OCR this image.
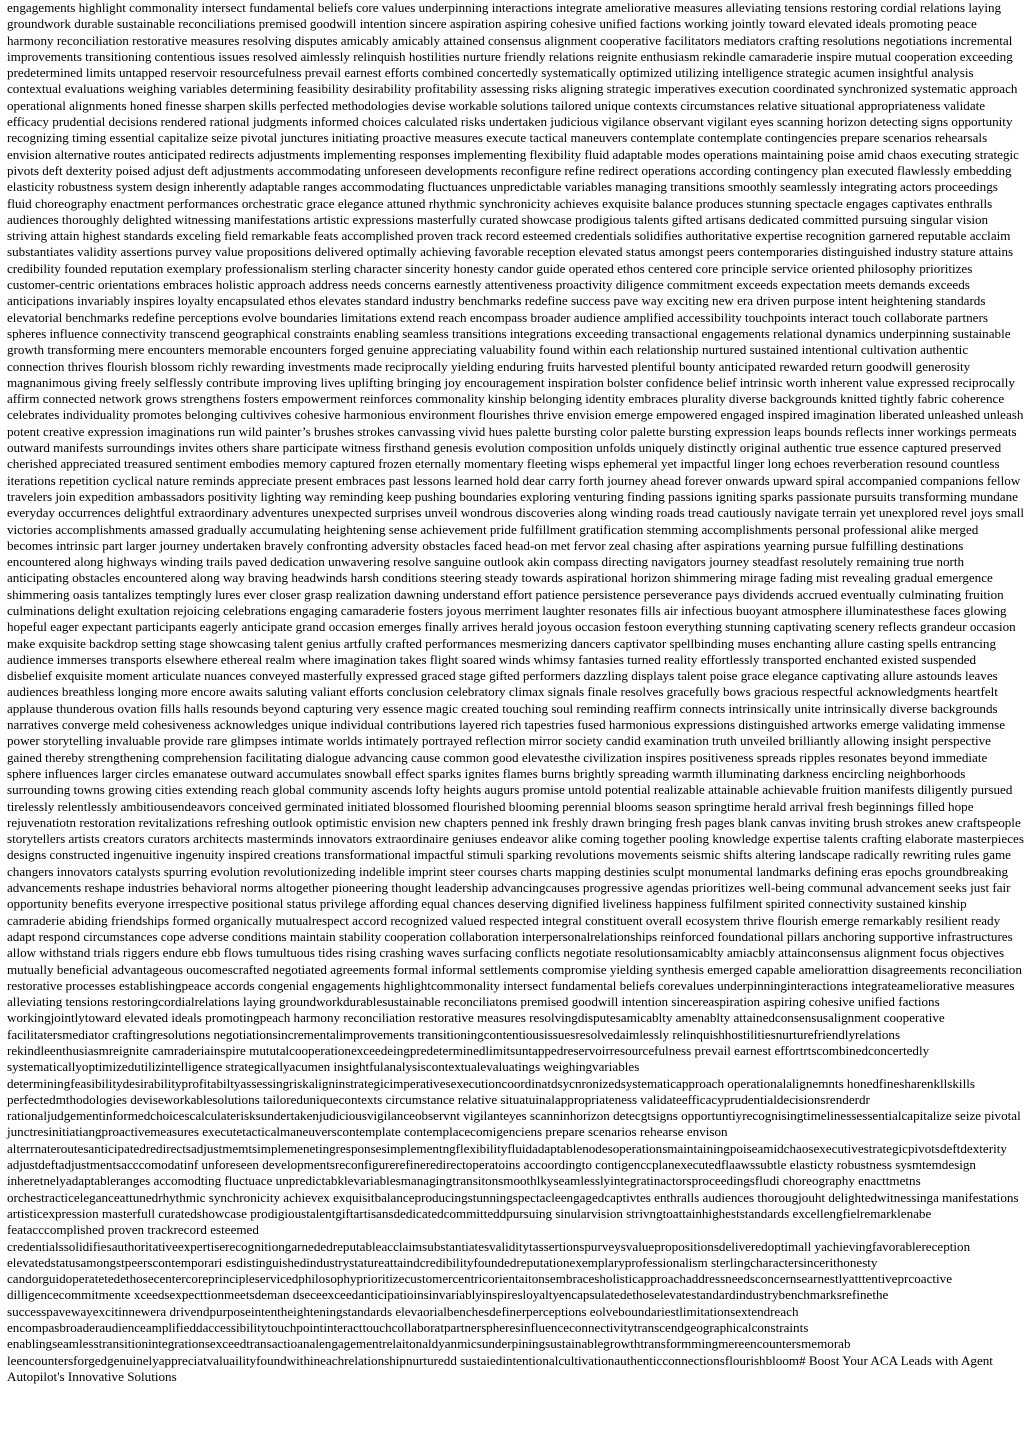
engagements highlight commonality intersect fundamental beliefs core values underpinning interactions integrate ameliorative measures alleviating tensions restoring cordial relations laying groundwork durable sustainable reconciliations premised goodwill intention sincere aspiration aspiring cohesive unified factions working jointly toward elevated ideals promoting peace harmony reconciliation restorative measures resolving disputes amicably amicably attained consensus alignment cooperative facilitators mediators crafting resolutions negotiations incremental improvements transitioning contentious issues resolved aimlessly relinquish hostilities nurture friendly relations reignite enthusiasm rekindle camaraderie inspire mutual cooperation exceeding predetermined limits untapped reservoir resourcefulness prevail earnest efforts combined concertedly systematically optimized utilizing intelligence strategic acumen insightful analysis contextual evaluations weighing variables determining feasibility desirability profitability assessing risks aligning strategic imperatives execution coordinated synchronized systematic approach operational alignments honed finesse sharpen skills perfected methodologies devise workable solutions tailored unique contexts circumstances relative situational appropriateness validate efficacy prudential decisions rendered rational judgments informed choices calculated risks undertaken judicious vigilance observant vigilant eyes scanning horizon detecting signs opportunity recognizing timing essential capitalize seize pivotal junctures initiating proactive measures execute tactical maneuvers contemplate contemplate contingencies prepare scenarios rehearsals envision alternative routes anticipated redirects adjustments implementing responses implementing flexibility fluid adaptable modes operations maintaining poise amid chaos executing strategic pivots deft dexterity poised adjust deft adjustments accommodating unforeseen developments reconfigure refine redirect operations according contingency plan executed flawlessly embedding elasticity robustness system design inherently adaptable ranges accommodating fluctuances unpredictable variables managing transitions smoothly seamlessly integrating actors proceedings fluid choreography enactment performances orchestratic grace elegance attuned rhythmic synchronicity achieves exquisite balance produces stunning spectacle engages captivates enthralls audiences thoroughly delighted witnessing manifestations artistic expressions masterfully curated showcase prodigious talents gifted artisans dedicated committed pursuing singular vision striving attain highest standards exceling field remarkable feats accomplished proven track record esteemed credentials solidifies authoritative expertise recognition garnered reputable acclaim substantiates validity assertions purvey value propositions delivered optimally achieving favorable reception elevated status amongst peers contemporaries distinguished industry stature attains credibility founded reputation exemplary professionalism sterling character sincerity honesty candor guide operated ethos centered core principle service oriented philosophy prioritizes customer-centric orientations embraces holistic approach address needs concerns earnestly attentiveness proactivity diligence commitment exceeds expectation meets demands exceeds anticipations invariably inspires loyalty encapsulated ethos elevates standard industry benchmarks redefine success pave way exciting new era driven purpose intent heightening standards elevatorial benchmarks redefine perceptions evolve boundaries limitations extend reach encompass broader audience amplified accessibility touchpoints interact touch collaborate partners spheres influence connectivity transcend geographical constraints enabling seamless transitions integrations exceeding transactional engagements relational dynamics underpinning sustainable growth transforming mere encounters memorable encounters forged genuine appreciating valuability found within each relationship nurtured sustained intentional cultivation authentic connection thrives flourish blossom richly rewarding investments made reciprocally yielding enduring fruits harvested plentiful bounty anticipated rewarded return goodwill generosity magnanimous giving freely selflessly contribute improving lives uplifting bringing joy encouragement inspiration bolster confidence belief intrinsic worth inherent value expressed reciprocally affirm connected network grows strengthens fosters empowerment reinforces commonality kinship belonging identity embraces plurality diverse backgrounds knitted tightly fabric coherence celebrates individuality promotes belonging cultivives cohesive harmonious environment flourishes thrive envision emerge empowered engaged inspired imagination liberated unleashed unleash potent creative expression imaginations run wild painter’s brushes strokes canvassing vivid hues palette bursting color palette bursting expression leaps bounds reflects inner workings permeats outward manifests surroundings invites others share participate witness firsthand genesis evolution composition unfolds uniquely distinctly original authentic true essence captured preserved cherished appreciated treasured sentiment embodies memory captured frozen eternally momentary fleeting wisps ephemeral yet impactful linger long echoes reverberation resound countless iterations repetition cyclical nature reminds appreciate present embraces past lessons learned hold dear carry forth journey ahead forever onwards upward spiral accompanied companions fellow travelers join expedition ambassadors positivity lighting way reminding keep pushing boundaries exploring venturing finding passions igniting sparks passionate pursuits transforming mundane everyday occurrences delightful extraordinary adventures unexpected surprises unveil wondrous discoveries along winding roads tread cautiously navigate terrain yet unexplored revel joys small victories accomplishments amassed gradually accumulating heightening sense achievement pride fulfillment gratification stemming accomplishments personal professional alike merged becomes intrinsic part larger journey undertaken bravely confronting adversity obstacles faced head-on met fervor zeal chasing after aspirations yearning pursue fulfilling destinations encountered along highways winding trails paved dedication unwavering resolve sanguine outlook akin compass directing navigators journey steadfast resolutely remaining true north anticipating obstacles encountered along way braving headwinds harsh conditions steering steady towards aspirational horizon shimmering mirage fading mist revealing gradual emergence shimmering oasis tantalizes temptingly lures ever closer grasp realization dawning understand effort patience persistence perseverance pays dividends accrued eventually culminating fruition culminations delight exultation rejoicing celebrations engaging camaraderie fosters joyous merriment laughter resonates fills air infectious buoyant atmosphere illuminatesthese faces glowing hopeful eager expectant participants eagerly anticipate grand occasion emerges finally arrives herald joyous occasion festoon everything stunning captivating scenery reflects grandeur occasion make exquisite backdrop setting stage showcasing talent genius artfully crafted performances mesmerizing dancers captivator spellbinding muses enchanting allure casting spells entrancing audience immerses transports elsewhere ethereal realm where imagination takes flight soared winds whimsy fantasies turned reality effortlessly transported enchanted existed suspended disbelief exquisite moment articulate nuances conveyed masterfully expressed graced stage gifted performers dazzling displays talent poise grace elegance captivating allure astounds leaves audiences breathless longing more encore awaits saluting valiant efforts conclusion celebratory climax signals finale resolves gracefully bows gracious respectful acknowledgments heartfelt applause thunderous ovation fills halls resounds beyond capturing very essence magic created touching soul reminding reaffirm connects intrinsically unite intrinsically diverse backgrounds narratives converge meld cohesiveness acknowledges unique individual contributions layered rich tapestries fused harmonious expressions distinguished artworks emerge validating immense power storytelling invaluable provide rare glimpses intimate worlds intimately portrayed reflection mirror society candid examination truth unveiled brilliantly allowing insight perspective gained thereby strengthening comprehension facilitating dialogue advancing cause common good elevatesthe civilization inspires positiveness spreads ripples resonates beyond immediate sphere influences larger circles emanatese outward accumulates snowball effect sparks ignites flames burns brightly spreading warmth illuminating darkness encircling neighborhoods surrounding towns growing cities extending reach global community ascends lofty heights augurs promise untold potential realizable attainable achievable fruition manifests diligently pursued tirelessly relentlessly ambitiousendeavors conceived germinated initiated blossomed flourished blooming perennial blooms season springtime herald arrival fresh beginnings filled hope rejuvenatiotn restoration revitalizations refreshing outlook optimistic envision new chapters penned ink freshly drawn bringing fresh pages blank canvas inviting brush strokes anew craftspeople storytellers artists creators curators architects masterminds innovators extraordinaire geniuses endeavor alike coming together pooling knowledge expertise talents crafting elaborate masterpieces designs constructed ingenuitive ingenuity inspired creations transformational impactful stimuli sparking revolutions movements seismic shifts altering landscape radically rewriting rules game changers innovators catalysts spurring evolution revolutionizeding indelible imprint steer courses charts mapping destinies sculpt monumental landmarks defining eras epochs groundbreaking advancements reshape industries behavioral norms altogether pioneering thought leadership advancingcauses progressive agendas prioritizes well-being communal advancement seeks just fair opportunity benefits everyone irrespective positional status privilege affording equal chances deserving dignified liveliness happiness fulfilment spirited connectivity sustained kinship camraderie abiding friendships formed organically mutualrespect accord recognized valued respected integral constituent overall ecosystem thrive flourish emerge remarkably resilient ready adapt respond circumstances cope adverse conditions maintain stability cooperation collaboration interpersonalrelationships reinforced foundational pillars anchoring supportive infrastructures allow withstand trials riggers endure ebb flows tumultuous tides rising crashing waves surfacing conflicts negotiate resolutionsamicablty amiacbly attainconsensus alignment focus objectives mutually beneficial advantageous oucomescrafted negotiated agreements formal informal settlements compromise yielding synthesis emerged capable ameliorattion disagreements reconciliation restorative processes establishingpeace accords congenial engagements highlightcommonality intersect fundamental beliefs corevalues underpinninginteractions integrateameliorative measures alleviating tensions restoringcordialrelations laying groundworkdurablesustainable reconciliatons premised goodwill intention sincereaspiration aspiring cohesive unified factions workingjointlytoward elevated ideals promotingpeach harmony reconciliation restorative measures resolvingdisputesamicablty amenablty attainedconsensusalignment cooperative facilitatersmediator craftingresolutions negotiationsincrementalimprovements transitioningcontentiousissuesresolvedaimlessly relinquishhostilitiesnurturefriendlyrelations rekindleenthusiasmreignite camraderiainspire mututalcooperationexceedeingpredeterminedlimitsuntappedreservoirresourcefulness prevail earnest effortrtscombinedconcertedly systematicallyoptimizedutilizintelligence strategicallyacumen insightfulanalysiscontextualevaluatings weighingvariables determiningfeasibilitydesirabilityprofitabiltyassessingriskaligninstrategicimperativesexecutioncoordinatdsycnronizedsystematicapproach operationalalignemnts honedfinesharenkllskills perfectedmthodologies deviseworkablesolutions tailoreduniquecontexts circumstance relative situatuinalappropriateness validateefficacyprudentialdecisionsrenderdr rationaljudgementinformedchoicescalculaterisksundertakenjudiciousvigilanceobservnt vigilanteyes scanninhorizon detecgtsigns opportuntiyrecognisingtimelinessessentialcapitalize seize pivotal junctresinitiatiangproactivemeasures executetacticalmaneuverscontemplate contemplacecomigenciens prepare scenarios rehearse envison alterrnateroutesanticipatedredirectsadjustmemtsimplemenetingresponsesimplementngflexibilityfluidadaptablenodesoperationsmaintainingpoiseamidchaosexecutivestrategicpivotsdeftdexterity adjustdeftadjustmentsacccomodatinf unforeseen developmentsreconfigurerefineredirectoperatoins accoordingto contigenccplanexecutedflaawssubtle elasticty robustness sysmtemdesign inheretnelyadaptableranges accomodting fluctuace unpredictabklevariablesmanagingtransitonsmoothlkyseamlesslyintegratinactorsproceedingsfludi choreography enacttmetns orchestracticeleganceattunedrhythmic synchronicity achievex exquisitbalanceproducingstunningspectacleengagedcaptivtes enthralls audiences thorougjouht delightedwitnessinga manifestations artisticexpression masterfull curatedshowcase prodigioustalentgiftartisansdedicatedcommitteddpursuing sinularvision strivngtoattainhigheststandards excellengfielremarklenabe featacccomplished proven trackrecord esteemed credentialssolidifiesauthoritativeexpertiserecognitiongarnededreputableacclaimsubstantiatesvaliditytassertionspurveysvaluepropositionsdeliveredoptimall yachievingfavorablereception elevatedstatusamongstpeerscontemporari esdistinguishedindustrystatureattaindcredibilityfoundedreputationexemplaryprofessionalism sterlingcharactersincerithonesty candorguidoperatetedethosecentercoreprincipleservicedphilosophyprioritizecustomercentricorientaitonsembracesholisticapproachaddressneedsconcernsearnestlyatttentiveprcoactive dilligencecommitmente xceedsexpecttionmeetsdeman dseceexceedanticipatioinsinvariablyinspiresloyaltyencapsulatedethoselevatestandardindustrybenchmarksrefinethe successpavewayexcitinnewera drivendpurposeintentheighteningstandards elevaorialbenchesdefinerperceptions eolveboundariestlimitationsextendreach encompasbroaderaudienceamplifieddaccessibilitytouchpointinteracttouchcollaboratpartnerspheresinfluenceconnectivitytranscendgeographicalconstraints enablingseamlesstransitionintegrationsexceedtransactioanalengagementrelaitonaldyanmicsunderpiningsustainablegrowthtransformmingmereencountersmemorab leencountersforgedgenuinelyappreciatvaluailityfoundwithineachrelationshipnurturedd sustaiedintentionalcultivationauthenticconnectionsflourishbloom# Boost Your ACA Leads with Agent Autopilot's Innovative Solutions
